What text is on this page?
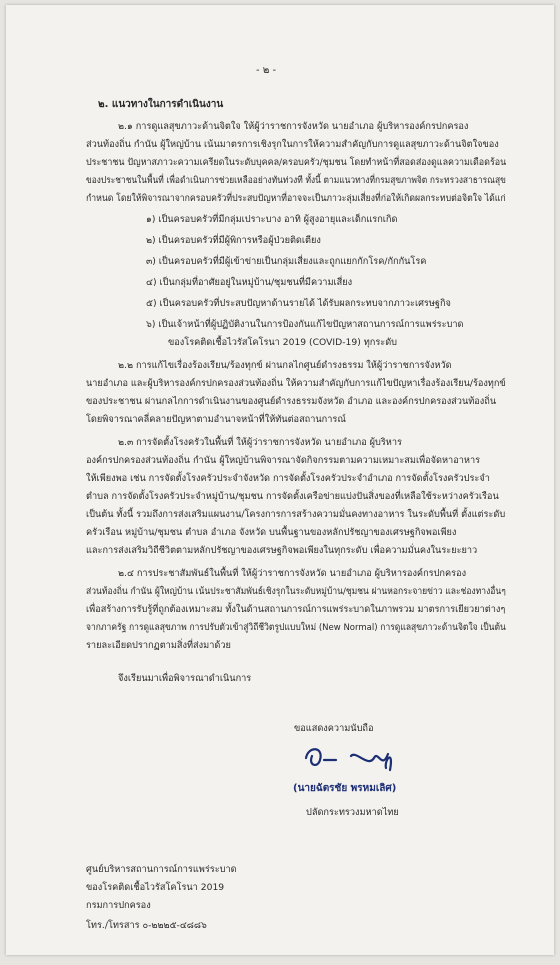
- ๒ -
๒. แนวทางในการดำเนินงาน
๒.๑ การดูแลสุขภาวะด้านจิตใจ ให้ผู้ว่าราชการจังหวัด นายอำเภอ ผู้บริหารองค์กรปกครอง
ส่วนท้องถิ่น กำนัน ผู้ใหญ่บ้าน เน้นมาตรการเชิงรุกในการให้ความสำคัญกับการดูแลสุขภาวะด้านจิตใจของ
ประชาชน ปัญหาสภาวะความเครียดในระดับบุคคล/ครอบครัว/ชุมชน โดยทำหน้าที่สอดส่องดูแลความเดือดร้อน
ของประชาชนในพื้นที่ เพื่อดำเนินการช่วยเหลืออย่างทันท่วงที ทั้งนี้ ตามแนวทางที่กรมสุขภาพจิต กระทรวงสาธารณสุข
กำหนด โดยให้พิจารณาจากครอบครัวที่ประสบปัญหาที่อาจจะเป็นภาวะลุ่มเสี่ยงที่ก่อให้เกิดผลกระทบต่อจิตใจ ได้แก่
๑) เป็นครอบครัวที่มีกลุ่มเปราะบาง อาทิ ผู้สูงอายุและเด็กแรกเกิด
๒) เป็นครอบครัวที่มีผู้พิการหรือผู้ป่วยติดเตียง
๓) เป็นครอบครัวที่มีผู้เข้าข่ายเป็นกลุ่มเสี่ยงและถูกแยกกักโรค/กักกันโรค
๔) เป็นกลุ่มที่อาศัยอยู่ในหมู่บ้าน/ชุมชนที่มีความเสี่ยง
๕) เป็นครอบครัวที่ประสบปัญหาด้านรายได้ ได้รับผลกระทบจากภาวะเศรษฐกิจ
๖) เป็นเจ้าหน้าที่ผู้ปฏิบัติงานในการป้องกันแก้ไขปัญหาสถานการณ์การแพร่ระบาด
ของโรคติดเชื้อไวรัสโคโรนา 2019 (COVID-19) ทุกระดับ
๒.๒ การแก้ไขเรื่องร้องเรียน/ร้องทุกข์ ผ่านกลไกศูนย์ดำรงธรรม ให้ผู้ว่าราชการจังหวัด
นายอำเภอ และผู้บริหารองค์กรปกครองส่วนท้องถิ่น ให้ความสำคัญกับการแก้ไขปัญหาเรื่องร้องเรียน/ร้องทุกข์
ของประชาชน ผ่านกลไกการดำเนินงานของศูนย์ดำรงธรรมจังหวัด อำเภอ และองค์กรปกครองส่วนท้องถิ่น
โดยพิจารณาคลี่คลายปัญหาตามอำนาจหน้าที่ให้ทันต่อสถานการณ์
๒.๓ การจัดตั้งโรงครัวในพื้นที่ ให้ผู้ว่าราชการจังหวัด นายอำเภอ ผู้บริหาร
องค์กรปกครองส่วนท้องถิ่น กำนัน ผู้ใหญ่บ้านพิจารณาจัดกิจกรรมตามความเหมาะสมเพื่อจัดหาอาหาร
ให้เพียงพอ เช่น การจัดตั้งโรงครัวประจำจังหวัด การจัดตั้งโรงครัวประจำอำเภอ การจัดตั้งโรงครัวประจำ
ตำบล การจัดตั้งโรงครัวประจำหมู่บ้าน/ชุมชน การจัดตั้งเครือข่ายแบ่งปันสิ่งของที่เหลือใช้ระหว่างครัวเรือน
เป็นต้น ทั้งนี้ รวมถึงการส่งเสริมแผนงาน/โครงการการสร้างความมั่นคงทางอาหาร ในระดับพื้นที่ ตั้งแต่ระดับ
ครัวเรือน หมู่บ้าน/ชุมชน ตำบล อำเภอ จังหวัด บนพื้นฐานของหลักปรัชญาของเศรษฐกิจพอเพียง
และการส่งเสริมวิถีชีวิตตามหลักปรัชญาของเศรษฐกิจพอเพียงในทุกระดับ เพื่อความมั่นคงในระยะยาว
๒.๔ การประชาสัมพันธ์ในพื้นที่ ให้ผู้ว่าราชการจังหวัด นายอำเภอ ผู้บริหารองค์กรปกครอง
ส่วนท้องถิ่น กำนัน ผู้ใหญ่บ้าน เน้นประชาสัมพันธ์เชิงรุกในระดับหมู่บ้าน/ชุมชน ผ่านหอกระจายข่าว และช่องทางอื่นๆ
เพื่อสร้างการรับรู้ที่ถูกต้องเหมาะสม ทั้งในด้านสถานการณ์การแพร่ระบาดในภาพรวม มาตรการเยียวยาต่างๆ
จากภาครัฐ การดูแลสุขภาพ การปรับตัวเข้าสู่วิถีชีวิตรูปแบบใหม่ (New Normal) การดูแลสุขภาวะด้านจิตใจ เป็นต้น
รายละเอียดปรากฏตามสิ่งที่ส่งมาด้วย
จึงเรียนมาเพื่อพิจารณาดำเนินการ
ขอแสดงความนับถือ
ปลัดกระทรวงมหาดไทย
ศูนย์บริหารสถานการณ์การแพร่ระบาด
ของโรคติดเชื้อไวรัสโคโรนา 2019
กรมการปกครอง
โทร./โทรสาร ๐-๒๒๒๕-๔๘๘๖
(นายฉัตรชัย พรหมเลิศ)
